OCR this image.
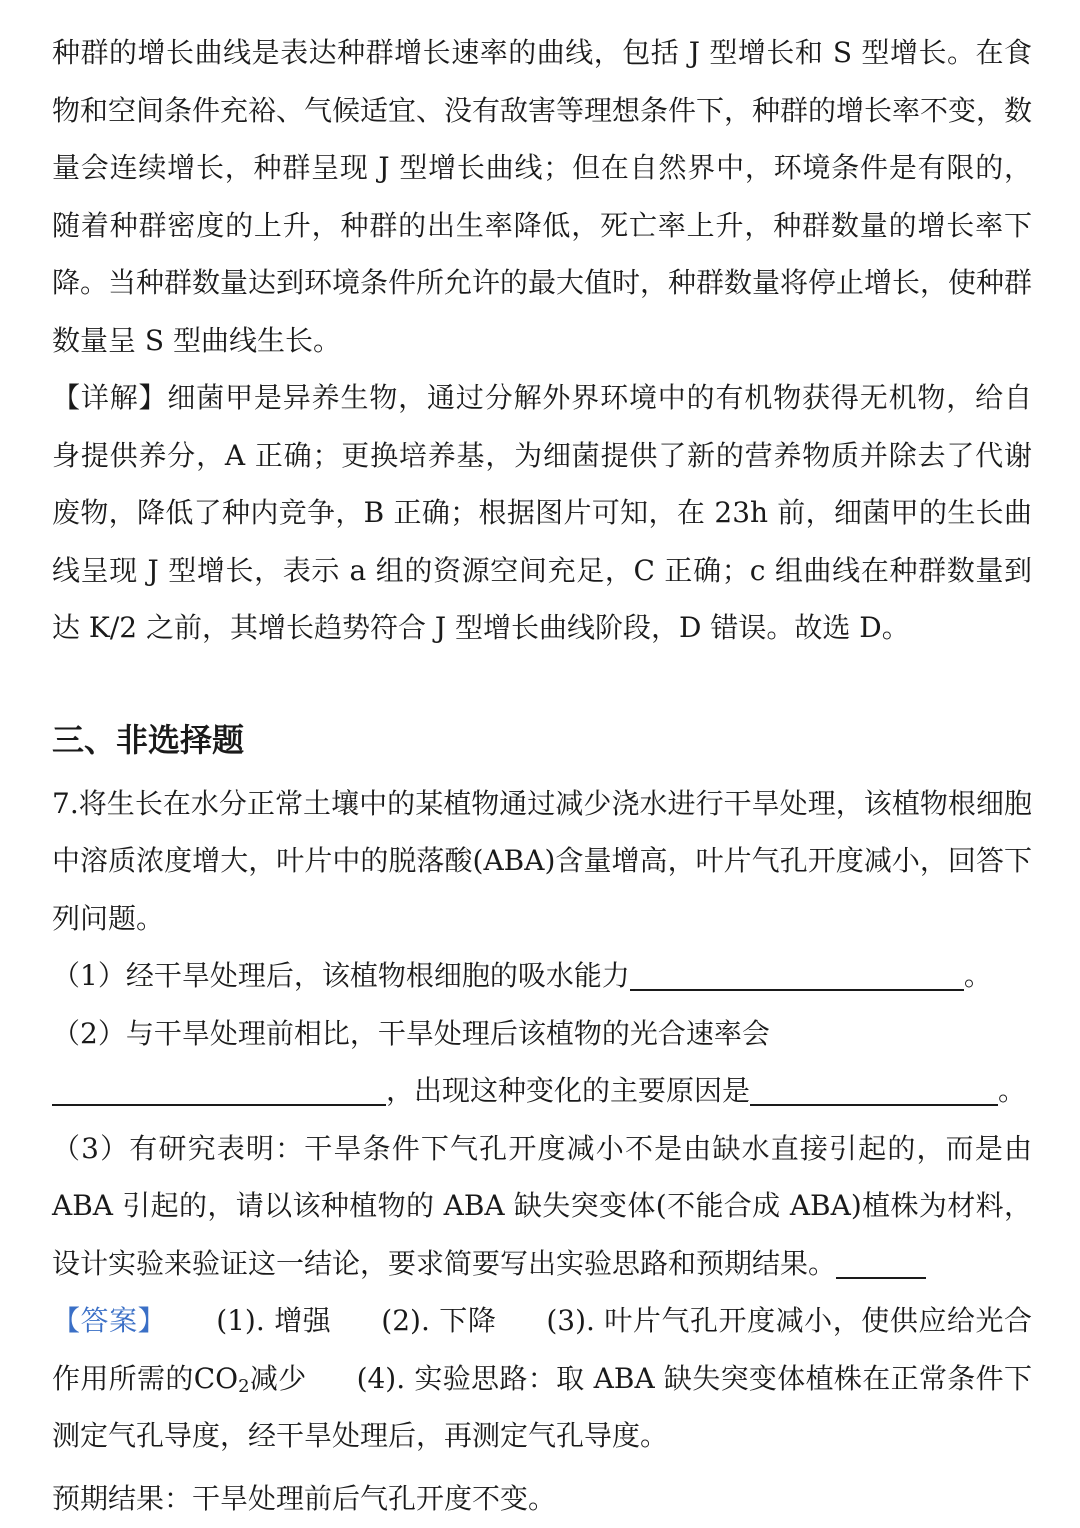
种群的增长曲线是表达种群增长速率的曲线，包括 J 型增长和 S 型增长。在食物和空间条件充裕、气候适宜、没有敌害等理想条件下，种群的增长率不变，数量会连续增长，种群呈现 J 型增长曲线；但在自然界中，环境条件是有限的，随着种群密度的上升，种群的出生率降低，死亡率上升，种群数量的增长率下降。当种群数量达到环境条件所允许的最大值时，种群数量将停止增长，使种群数量呈 S 型曲线生长。

【详解】细菌甲是异养生物，通过分解外界环境中的有机物获得无机物，给自身提供养分，A 正确；更换培养基，为细菌提供了新的营养物质并除去了代谢废物，降低了种内竞争，B 正确；根据图片可知，在 23h 前，细菌甲的生长曲线呈现 J 型增长，表示 a 组的资源空间充足，C 正确；c 组曲线在种群数量到达 K/2 之前，其增长趋势符合 J 型增长曲线阶段，D 错误。故选 D。

三、非选择题

7.将生长在水分正常土壤中的某植物通过减少浇水进行干旱处理，该植物根细胞中溶质浓度增大，叶片中的脱落酸(ABA)含量增高，叶片气孔开度减小，回答下列问题。

（1）经干旱处理后，该植物根细胞的吸水能力	。

（2）与干旱处理前相比，干旱处理后该植物的光合速率会
，出现这种变化的主要原因是	。

（3）有研究表明：干旱条件下气孔开度减小不是由缺水直接引起的，而是由 ABA 引起的，请以该种植物的 ABA 缺失突变体(不能合成 ABA)植株为材料，设计实验来验证这一结论，要求简要写出实验思路和预期结果。

【答案】 (1). 增强 (2). 下降 (3). 叶片气孔开度减小，使供应给光合作用所需的$CO_2$减少 (4). 实验思路：取 ABA 缺失突变体植株在正常条件下测定气孔导度，经干旱处理后，再测定气孔导度。

预期结果：干旱处理前后气孔开度不变。
